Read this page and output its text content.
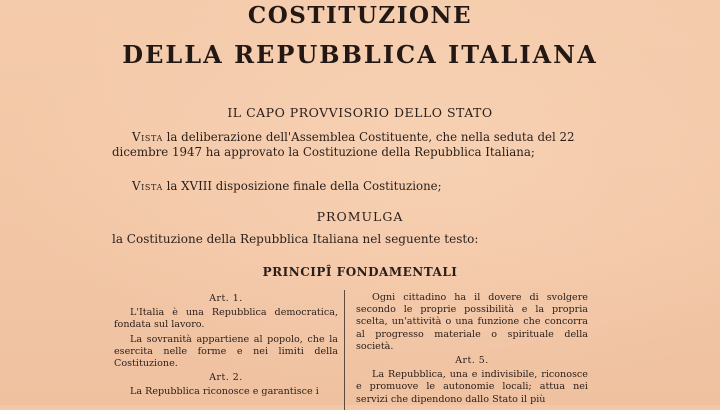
COSTITUZIONE
DELLA REPUBBLICA ITALIANA
IL CAPO PROVVISORIO DELLO STATO
Vista la deliberazione dell'Assemblea Costituente, che nella seduta del 22 dicembre 1947 ha approvato la Costituzione della Repubblica Italiana;
Vista la XVIII disposizione finale della Costituzione;
PROMULGA
la Costituzione della Repubblica Italiana nel seguente testo:
PRINCIPÎ FONDAMENTALI
Art. 1.

L'Italia è una Repubblica democratica, fondata sul lavoro.

La sovranità appartiene al popolo, che la esercita nelle forme e nei limiti della Costituzione.

Art. 2.

La Repubblica riconosce e garantisce i

Ogni cittadino ha il dovere di svolgere secondo le proprie possibilità e la propria scelta, un'attività o una funzione che concorra al progresso materiale o spirituale della società.

Art. 5.

La Repubblica, una e indivisibile, riconosce e promuove le autonomie locali; attua nei servizi che dipendono dallo Stato il più
